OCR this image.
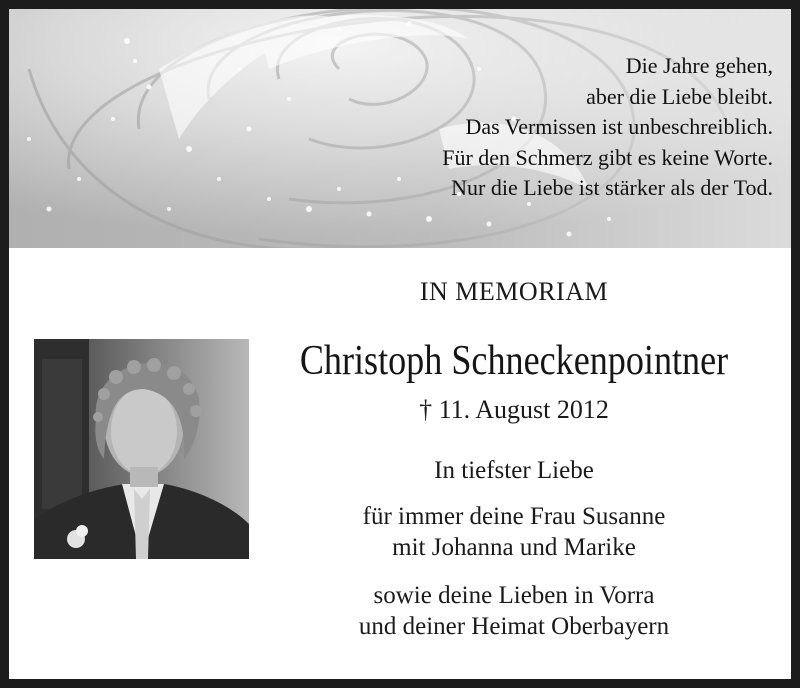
Die Jahre gehen,
aber die Liebe bleibt.
Das Vermissen ist unbeschreiblich.
Für den Schmerz gibt es keine Worte.
Nur die Liebe ist stärker als der Tod.
IN MEMORIAM
Christoph Schneckenpointner
† 11. August 2012
In tiefster Liebe
für immer deine Frau Susanne
mit Johanna und Marike
sowie deine Lieben in Vorra
und deiner Heimat Oberbayern
